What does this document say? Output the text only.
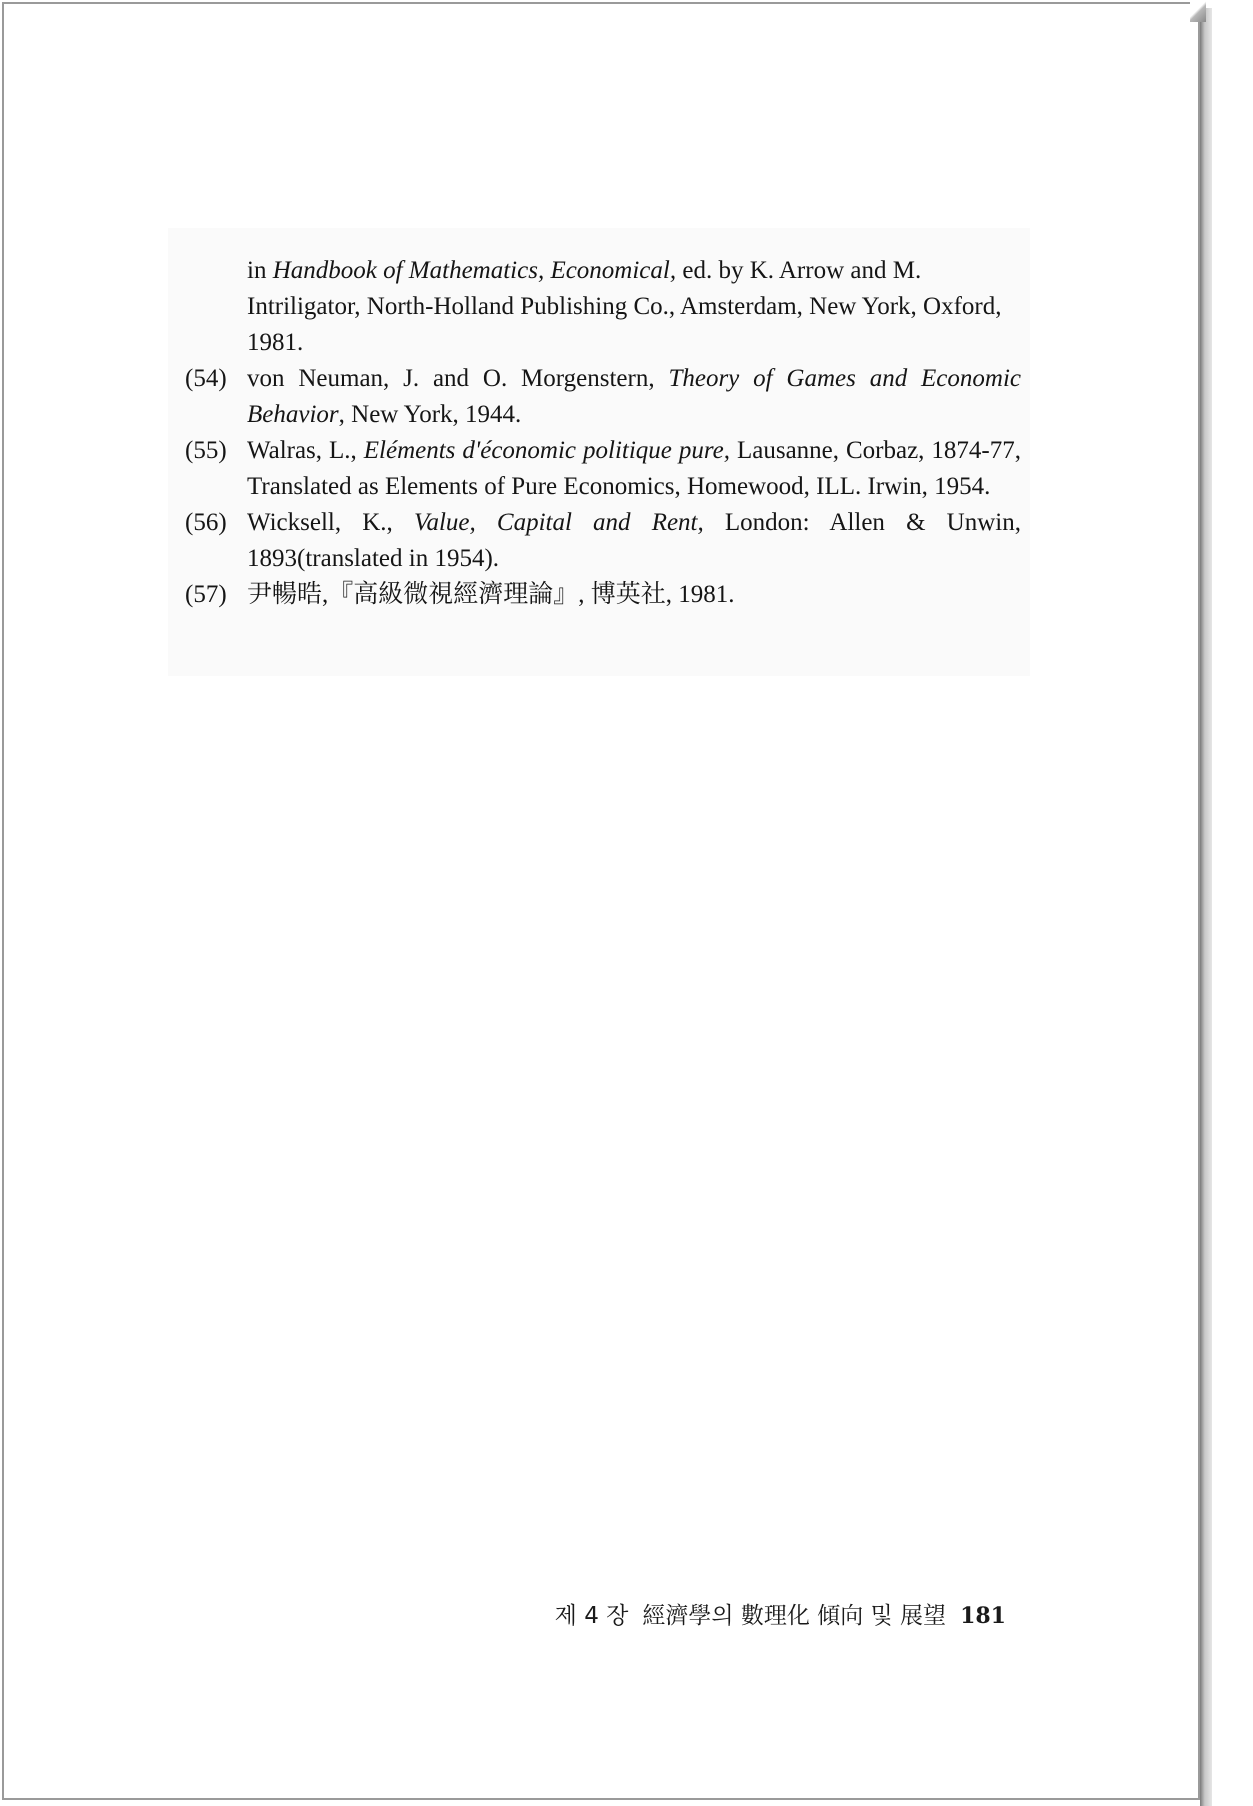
in Handbook of Mathematics, Economical, ed. by K. Arrow and M. Intriligator, North-Holland Publishing Co., Amsterdam, New York, Oxford, 1981.
(54) von Neuman, J. and O. Morgenstern, Theory of Games and Economic Behavior, New York, 1944.
(55) Walras, L., Eléments d'économic politique pure, Lausanne, Corbaz, 1874-77, Translated as Elements of Pure Economics, Homewood, ILL. Irwin, 1954.
(56) Wicksell, K., Value, Capital and Rent, London: Allen & Unwin, 1893(translated in 1954).
(57) 尹暢晧,『高級微視經濟理論』, 博英社, 1981.
제 4 장 經濟學의 數理化 傾向 및 展望 181
